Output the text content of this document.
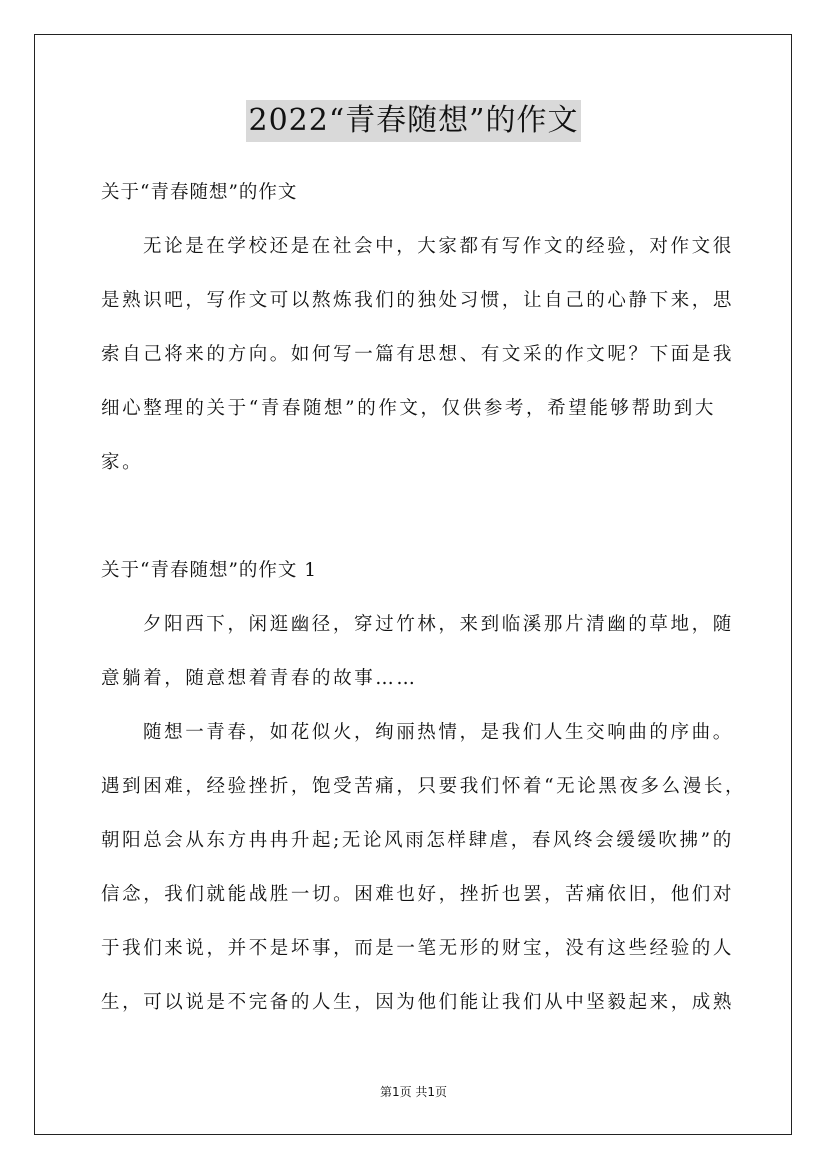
2022“青春随想”的作文
关于“青春随想”的作文
无论是在学校还是在社会中，大家都有写作文的经验，对作文很
是熟识吧，写作文可以熬炼我们的独处习惯，让自己的心静下来，思
索自己将来的方向。如何写一篇有思想、有文采的作文呢？下面是我
细心整理的关于“青春随想”的作文，仅供参考，希望能够帮助到大
家。
关于“青春随想”的作文 1
夕阳西下，闲逛幽径，穿过竹林，来到临溪那片清幽的草地，随
意躺着，随意想着青春的故事……
随想一青春，如花似火，绚丽热情，是我们人生交响曲的序曲。
遇到困难，经验挫折，饱受苦痛，只要我们怀着“无论黑夜多么漫长，
朝阳总会从东方冉冉升起;无论风雨怎样肆虐，春风终会缓缓吹拂”的
信念，我们就能战胜一切。困难也好，挫折也罢，苦痛依旧，他们对
于我们来说，并不是坏事，而是一笔无形的财宝，没有这些经验的人
生，可以说是不完备的人生，因为他们能让我们从中坚毅起来，成熟
第1页 共1页
